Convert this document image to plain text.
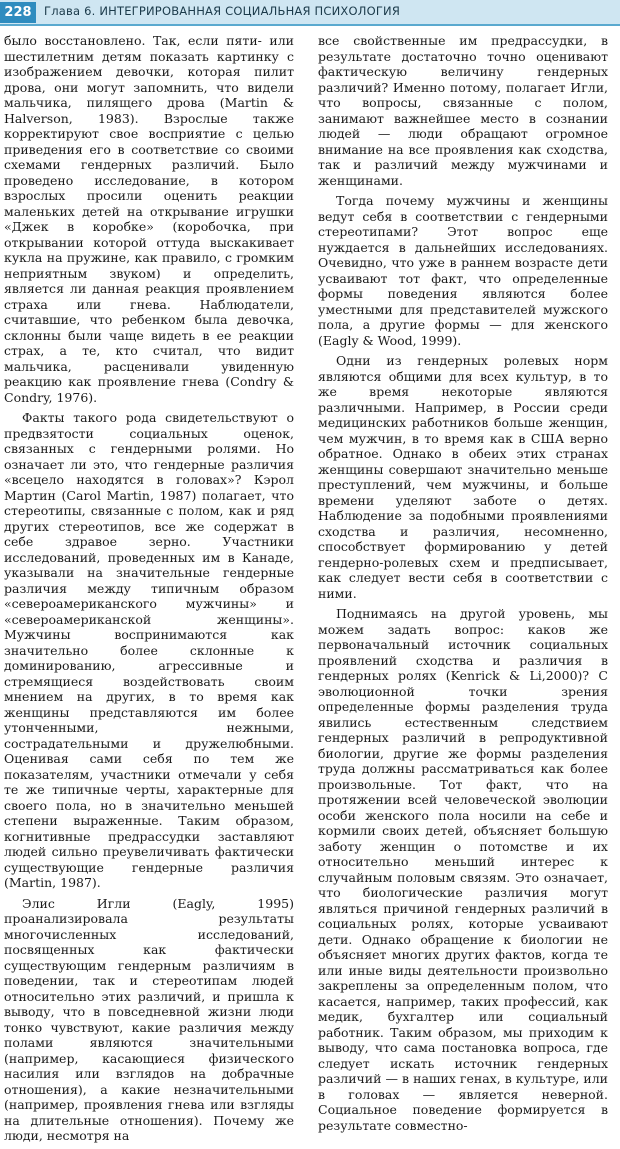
228	Глава 6. ИНТЕГРИРОВАННАЯ СОЦИАЛЬНАЯ ПСИХОЛОГИЯ

было восстановлено. Так, если пяти- или шестилетним детям показать картинку с изображением девочки, которая пилит дрова, они могут запомнить, что видели мальчика, пилящего дрова (Martin & Halverson, 1983). Взрослые также корректируют свое восприятие с целью приведения его в соответствие со своими схемами гендерных различий. Было проведено исследование, в котором взрослых просили оценить реакции маленьких детей на открывание игрушки «Джек в коробке» (коробочка, при открывании которой оттуда выскакивает кукла на пружине, как правило, с громким неприятным звуком) и определить, является ли данная реакция проявлением страха или гнева. Наблюдатели, считавшие, что ребенком была девочка, склонны были чаще видеть в ее реакции страх, а те, кто считал, что видит мальчика, расценивали увиденную реакцию как проявление гнева (Condry & Condry, 1976).

Факты такого рода свидетельствуют о предвзятости социальных оценок, связанных с гендерными ролями. Но означает ли это, что гендерные различия «всецело находятся в головах»? Кэрол Мартин (Carol Martin, 1987) полагает, что стереотипы, связанные с полом, как и ряд других стереотипов, все же содержат в себе здравое зерно. Участники исследований, проведенных им в Канаде, указывали на значительные гендерные различия между типичным образом «североамериканского мужчины» и «североамериканской женщины». Мужчины воспринимаются как значительно более склонные к доминированию, агрессивные и стремящиеся воздействовать своим мнением на других, в то время как женщины представляются им более утонченными, нежными, сострадательными и дружелюбными. Оценивая сами себя по тем же показателям, участники отмечали у себя те же типичные черты, характерные для своего пола, но в значительно меньшей степени выраженные. Таким образом, когнитивные предрассудки заставляют людей сильно преувеличивать фактически существующие гендерные различия (Martin, 1987).

Элис Игли (Eagly, 1995) проанализировала результаты многочисленных исследований, посвященных как фактически существующим гендерным различиям в поведении, так и стереотипам людей относительно этих различий, и пришла к выводу, что в повседневной жизни люди тонко чувствуют, какие различия между полами являются значительными (например, касающиеся физического насилия или взглядов на добрачные отношения), а какие незначительными (например, проявления гнева или взгляды на длительные отношения). Почему же люди, несмотря на

все свойственные им предрассудки, в результате достаточно точно оценивают фактическую величину гендерных различий? Именно потому, полагает Игли, что вопросы, связанные с полом, занимают важнейшее место в сознании людей — люди обращают огромное внимание на все проявления как сходства, так и различий между мужчинами и женщинами.

Тогда почему мужчины и женщины ведут себя в соответствии с гендерными стереотипами? Этот вопрос еще нуждается в дальнейших исследованиях. Очевидно, что уже в раннем возрасте дети усваивают тот факт, что определенные формы поведения являются более уместными для представителей мужского пола, а другие формы — для женского (Eagly & Wood, 1999).

Одни из гендерных ролевых норм являются общими для всех культур, в то же время некоторые являются различными. Например, в России среди медицинских работников больше женщин, чем мужчин, в то время как в США верно обратное. Однако в обеих этих странах женщины совершают значительно меньше преступлений, чем мужчины, и больше времени уделяют заботе о детях. Наблюдение за подобными проявлениями сходства и различия, несомненно, способствует формированию у детей гендерно-ролевых схем и предписывает, как следует вести себя в соответствии с ними.

Поднимаясь на другой уровень, мы можем задать вопрос: каков же первоначальный источник социальных проявлений сходства и различия в гендерных ролях (Kenrick & Li,2000)? С эволюционной точки зрения определенные формы разделения труда явились естественным следствием гендерных различий в репродуктивной биологии, другие же формы разделения труда должны рассматриваться как более произвольные. Тот факт, что на протяжении всей человеческой эволюции особи женского пола носили на себе и кормили своих детей, объясняет большую заботу женщин о потомстве и их относительно меньший интерес к случайным половым связям. Это означает, что биологические различия могут являться причиной гендерных различий в социальных ролях, которые усваивают дети. Однако обращение к биологии не объясняет многих других фактов, когда те или иные виды деятельности произвольно закреплены за определенным полом, что касается, например, таких профессий, как медик, бухгалтер или социальный работник. Таким образом, мы приходим к выводу, что сама постановка вопроса, где следует искать источник гендерных различий — в наших генах, в культуре, или в головах — является неверной. Социальное поведение формируется в результате совместно-
